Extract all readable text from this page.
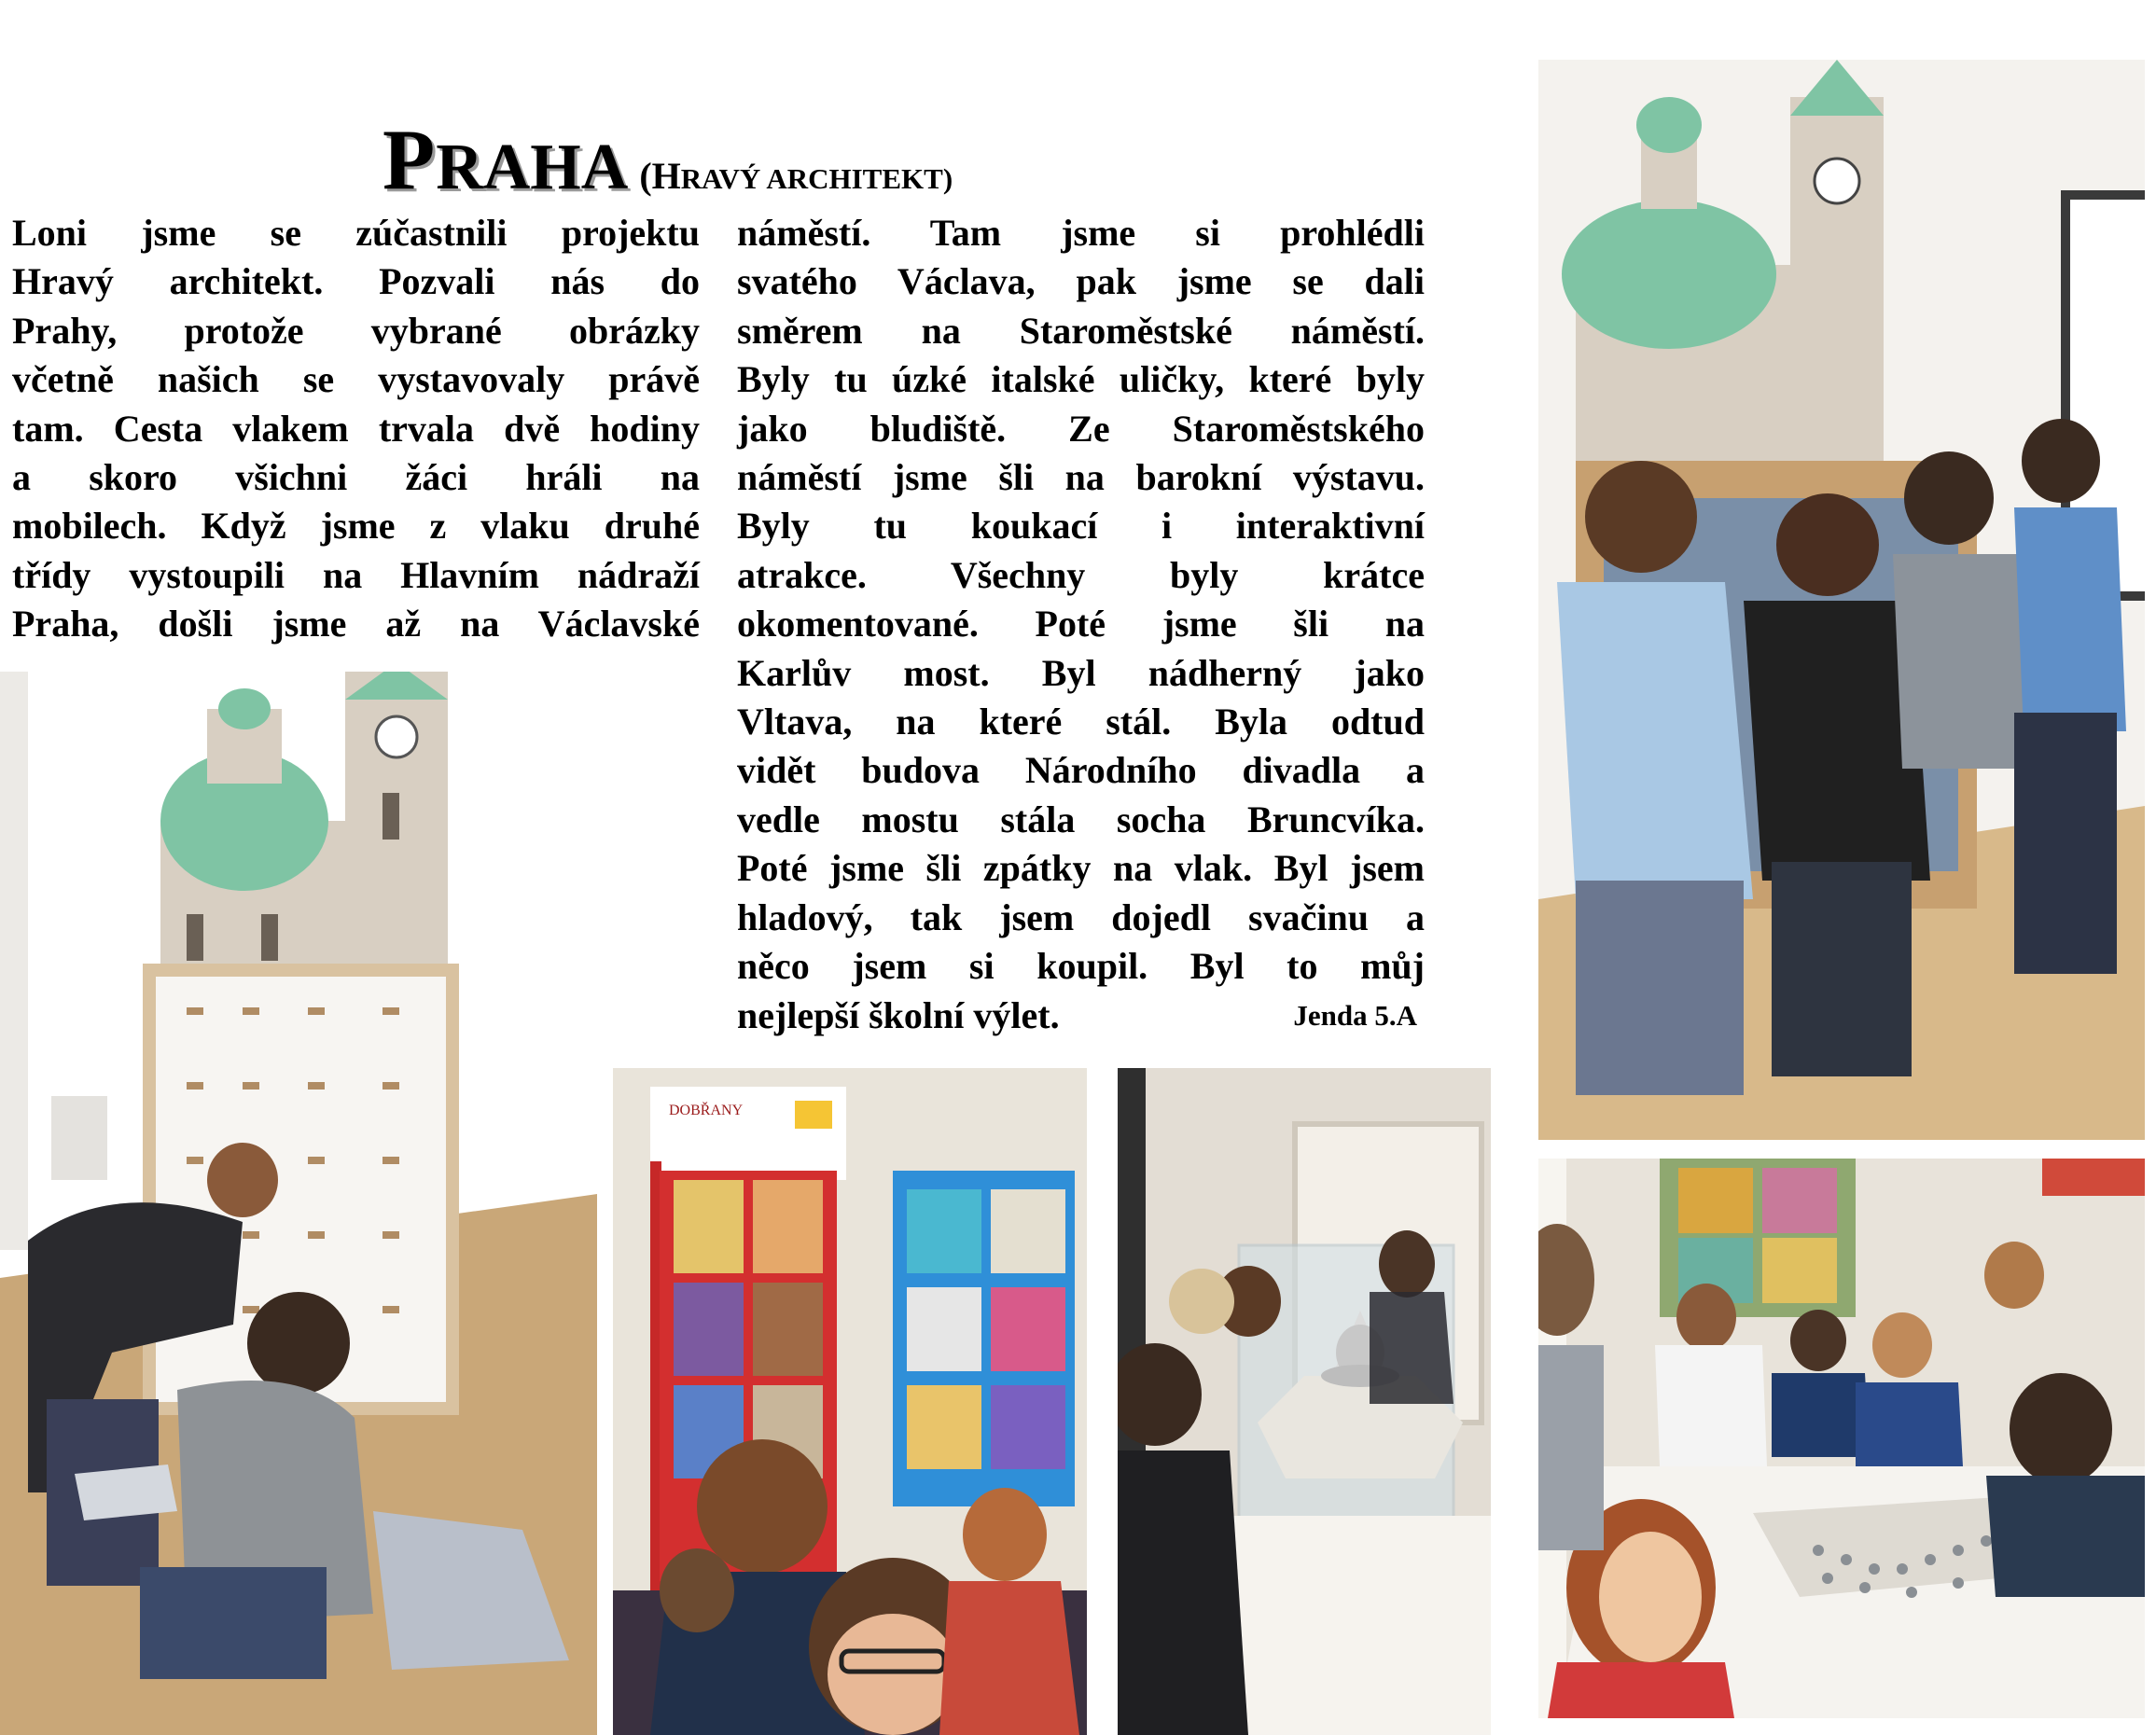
PRAHA (HRAVÝ ARCHITEKT)

Loni jsme se zúčastnili projektu

Hravý architekt. Pozvali nás do

Prahy, protože vybrané obrázky

včetně našich se vystavovaly právě

tam. Cesta vlakem trvala dvě hodiny

a skoro všichni žáci hráli na

mobilech. Když jsme z vlaku druhé

třídy vystoupili na Hlavním nádraží

Praha, došli jsme až na Václavské

náměstí. Tam jsme si prohlédli

svatého Václava, pak jsme se dali

směrem na Staroměstské náměstí.

Byly tu úzké italské uličky, které byly

jako bludiště. Ze Staroměstského

náměstí jsme šli na barokní výstavu.

Byly tu koukací i interaktivní

atrakce. Všechny byly krátce

okomentované. Poté jsme šli na

Karlův most. Byl nádherný jako

Vltava, na které stál. Byla odtud

vidět budova Národního divadla a

vedle mostu stála socha Bruncvíka.

Poté jsme šli zpátky na vlak. Byl jsem

hladový, tak jsem dojedl svačinu a

něco jsem si koupil. Byl to můj

nejlepší školní výlet.	Jenda 5.A

DOBŘANY
